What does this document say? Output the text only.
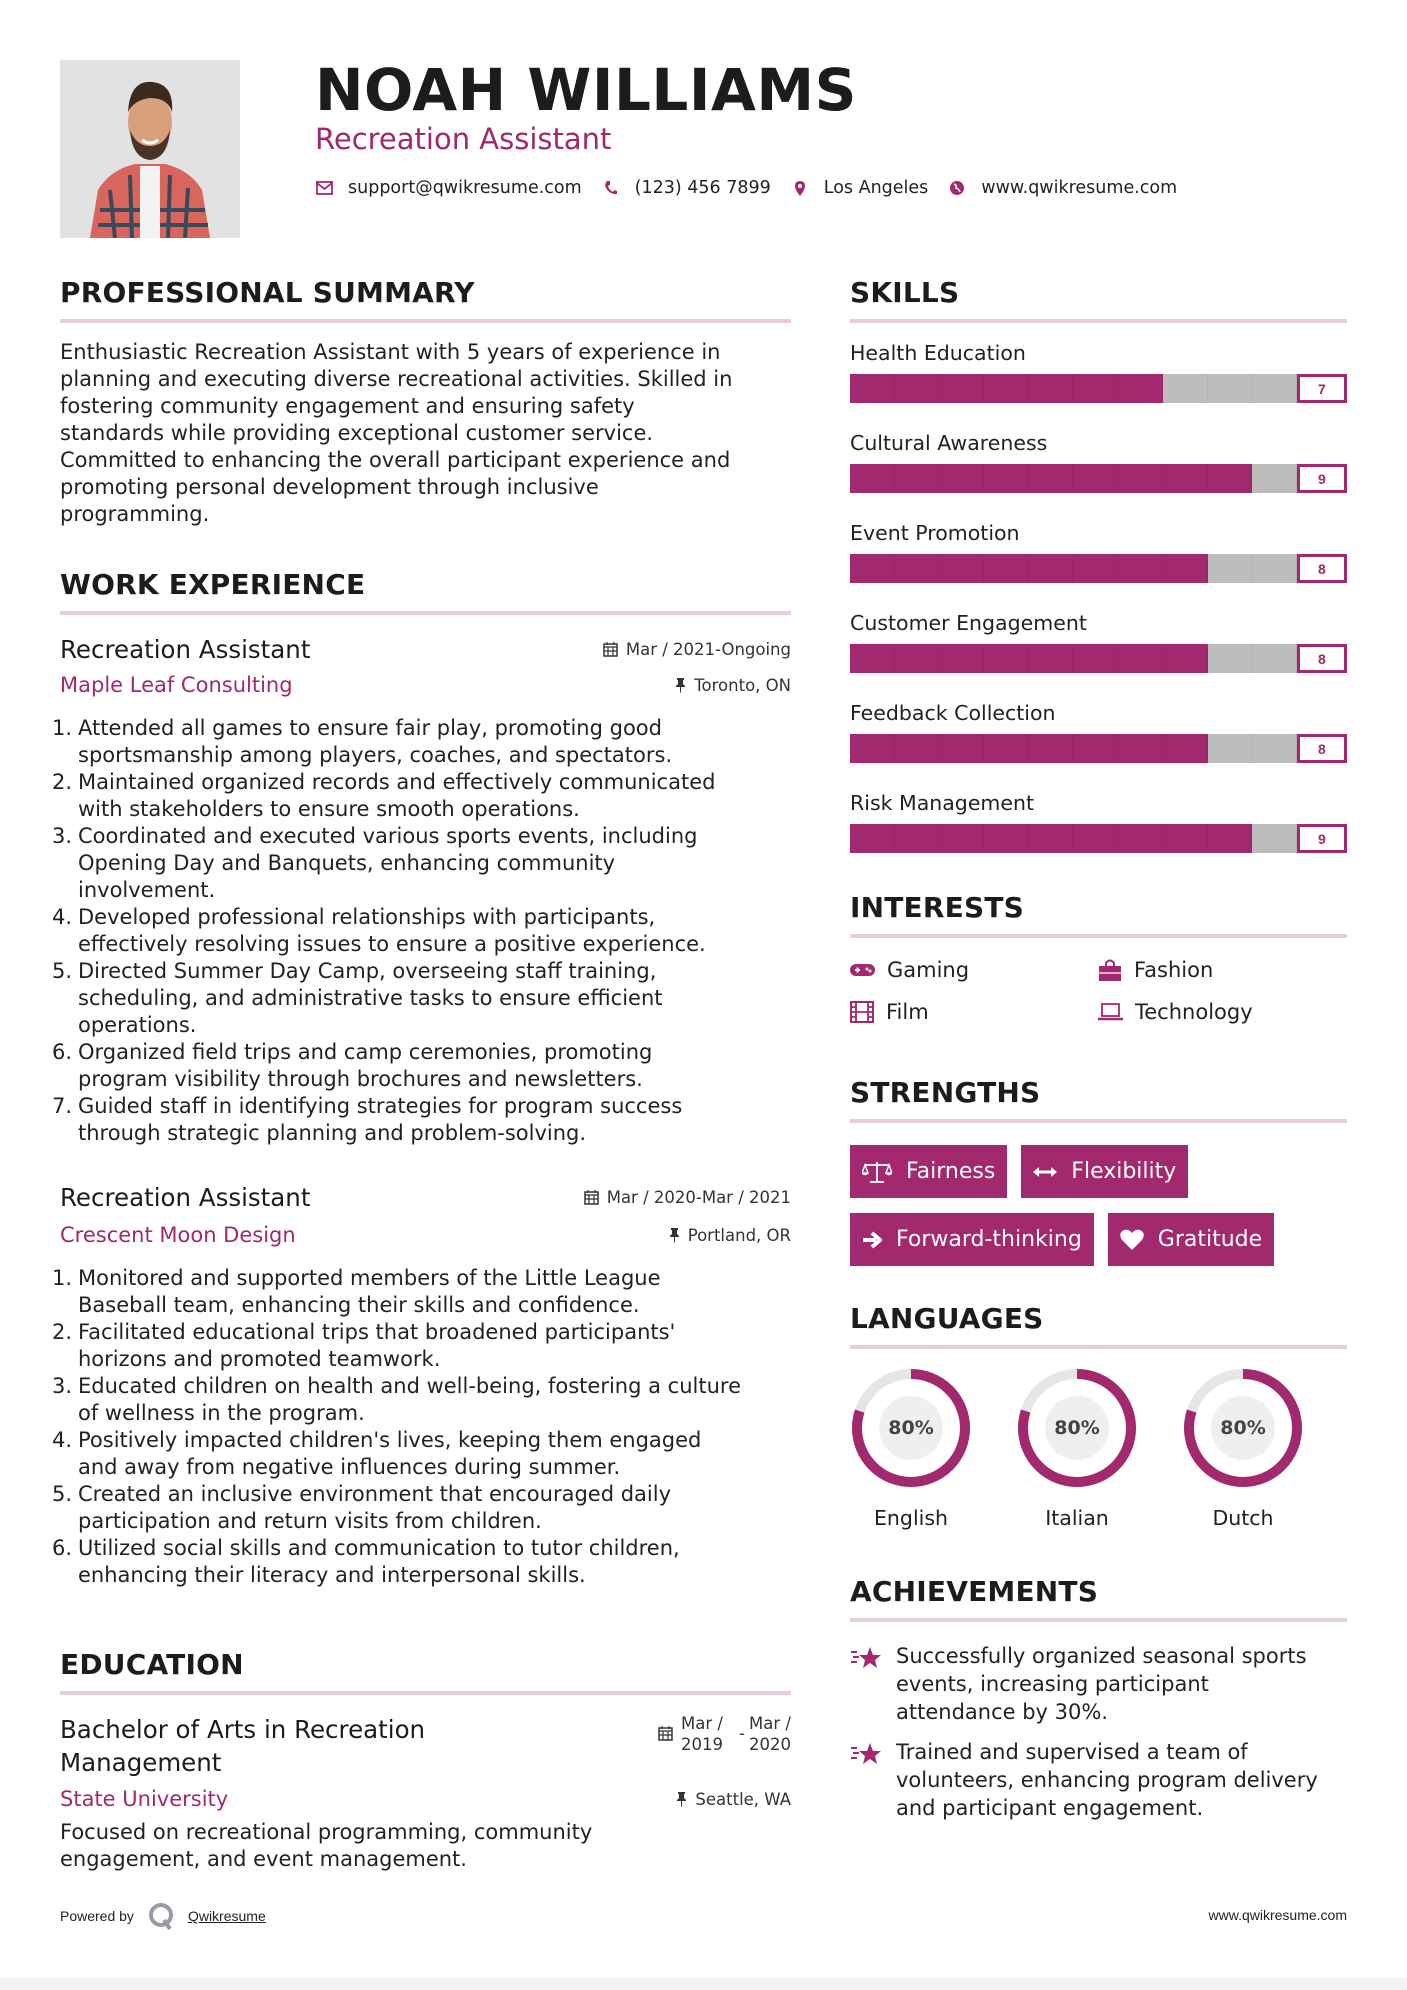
NOAH WILLIAMS
Recreation Assistant
support@qwikresume.com	(123) 456 7899	Los Angeles	www.qwikresume.com
PROFESSIONAL SUMMARY
Enthusiastic Recreation Assistant with 5 years of experience in
planning and executing diverse recreational activities. Skilled in
fostering community engagement and ensuring safety
standards while providing exceptional customer service.
Committed to enhancing the overall participant experience and
promoting personal development through inclusive
programming.
WORK EXPERIENCE
Recreation Assistant	Mar / 2021-Ongoing
Maple Leaf Consulting	Toronto, ON
1. Attended all games to ensure fair play, promoting good
sportsmanship among players, coaches, and spectators.
2. Maintained organized records and effectively communicated
with stakeholders to ensure smooth operations.
3. Coordinated and executed various sports events, including
Opening Day and Banquets, enhancing community
involvement.
4. Developed professional relationships with participants,
effectively resolving issues to ensure a positive experience.
5. Directed Summer Day Camp, overseeing staff training,
scheduling, and administrative tasks to ensure efficient
operations.
6. Organized field trips and camp ceremonies, promoting
program visibility through brochures and newsletters.
7. Guided staff in identifying strategies for program success
through strategic planning and problem-solving.
Recreation Assistant	Mar / 2020-Mar / 2021
Crescent Moon Design	Portland, OR
1. Monitored and supported members of the Little League
Baseball team, enhancing their skills and confidence.
2. Facilitated educational trips that broadened participants'
horizons and promoted teamwork.
3. Educated children on health and well-being, fostering a culture
of wellness in the program.
4. Positively impacted children's lives, keeping them engaged
and away from negative influences during summer.
5. Created an inclusive environment that encouraged daily
participation and return visits from children.
6. Utilized social skills and communication to tutor children,
enhancing their literacy and interpersonal skills.
EDUCATION
Bachelor of Arts in Recreation
Management
Mar /
2019
-
Mar /
2020
State University	Seattle, WA
Focused on recreational programming, community
engagement, and event management.
SKILLS
Health Education
7
Cultural Awareness
9
Event Promotion
8
Customer Engagement
8
Feedback Collection
8
Risk Management
9
INTERESTS
Gaming	Fashion
Film	Technology
STRENGTHS
Fairness	Flexibility
Forward-thinking	Gratitude
LANGUAGES
80%
English
80%
Italian
80%
Dutch
ACHIEVEMENTS
Successfully organized seasonal sports
events, increasing participant
attendance by 30%.
Trained and supervised a team of
volunteers, enhancing program delivery
and participant engagement.
Powered by	Qwikresume	www.qwikresume.com
